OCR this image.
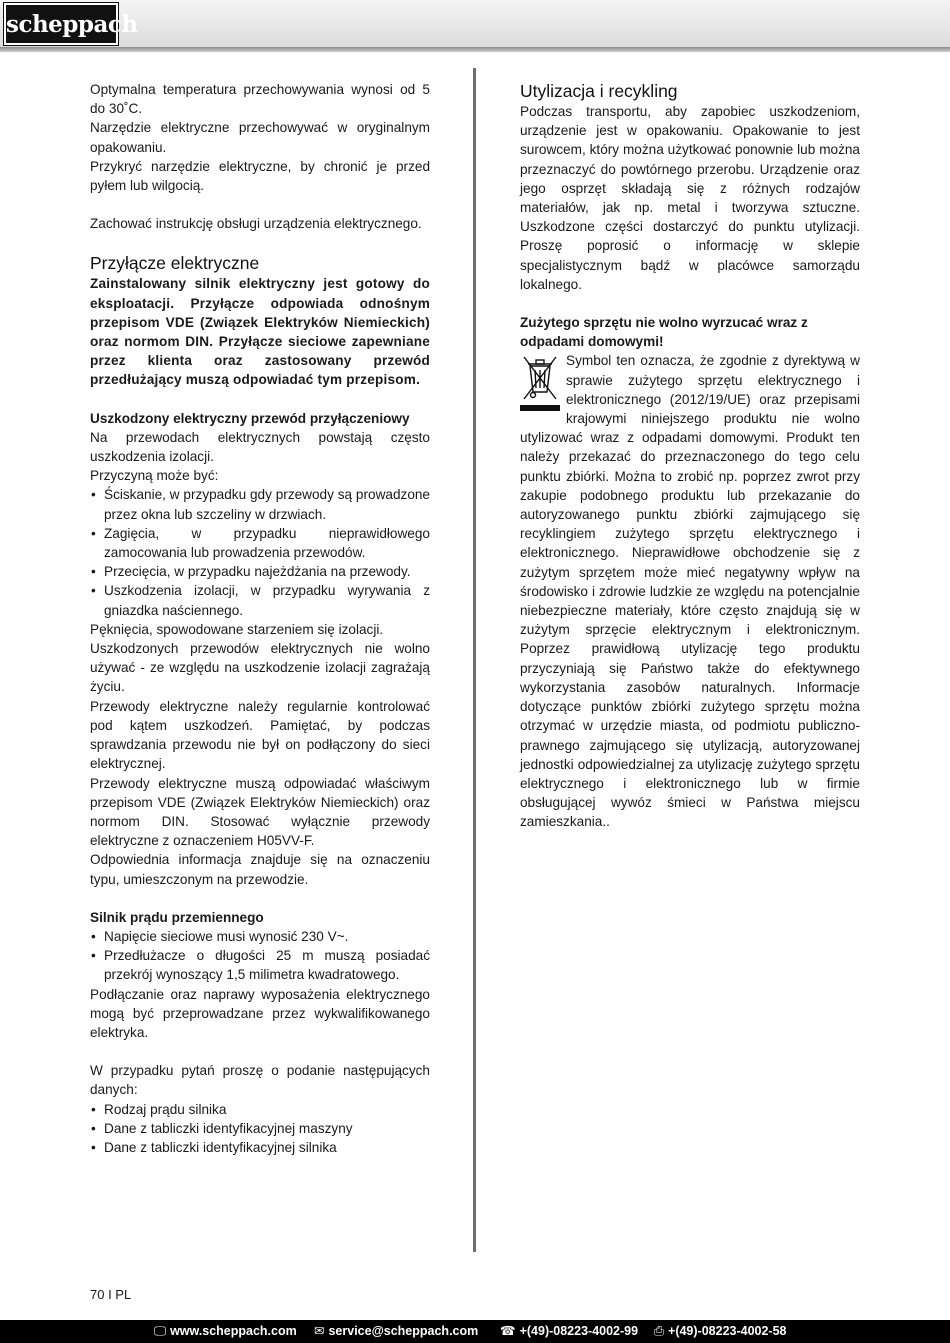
scheppach

Optymalna temperatura przechowywania wynosi od 5 do 30˚C.

Narzędzie elektryczne przechowywać w oryginalnym opakowaniu.

Przykryć narzędzie elektryczne, by chronić je przed pyłem lub wilgocią.

Zachować instrukcję obsługi urządzenia elektrycznego.

Przyłącze elektryczne

Zainstalowany silnik elektryczny jest gotowy do eksploatacji. Przyłącze odpowiada odnośnym przepisom VDE (Związek Elektryków Niemieckich) oraz normom DIN. Przyłącze sieciowe zapewniane przez klienta oraz zastosowany przewód przedłużający muszą odpowiadać tym przepisom.

Uszkodzony elektryczny przewód przyłączeniowy

Na przewodach elektrycznych powstają często uszkodzenia izolacji.

Przyczyną może być:

• Ściskanie, w przypadku gdy przewody są prowadzone przez okna lub szczeliny w drzwiach.
• Zagięcia, w przypadku nieprawidłowego zamocowania lub prowadzenia przewodów.
• Przecięcia, w przypadku najeżdżania na przewody.
• Uszkodzenia izolacji, w przypadku wyrywania z gniazdka naściennego.

Pęknięcia, spowodowane starzeniem się izolacji.

Uszkodzonych przewodów elektrycznych nie wolno używać - ze względu na uszkodzenie izolacji zagrażają życiu.

Przewody elektryczne należy regularnie kontrolować pod kątem uszkodzeń. Pamiętać, by podczas sprawdzania przewodu nie był on podłączony do sieci elektrycznej.

Przewody elektryczne muszą odpowiadać właściwym przepisom VDE (Związek Elektryków Niemieckich) oraz normom DIN. Stosować wyłącznie przewody elektryczne z oznaczeniem H05VV-F.

Odpowiednia informacja znajduje się na oznaczeniu typu, umieszczonym na przewodzie.

Silnik prądu przemiennego
• Napięcie sieciowe musi wynosić 230 V~.
• Przedłużacze o długości 25 m muszą posiadać przekrój wynoszący 1,5 milimetra kwadratowego.

Podłączanie oraz naprawy wyposażenia elektrycznego mogą być przeprowadzane przez wykwalifikowanego elektryka.

W przypadku pytań proszę o podanie następujących danych:

• Rodzaj prądu silnika
• Dane z tabliczki identyfikacyjnej maszyny
• Dane z tabliczki identyfikacyjnej silnika
Utylizacja i recykling

Podczas transportu, aby zapobiec uszkodzeniom, urządzenie jest w opakowaniu. Opakowanie to jest surowcem, który można użytkować ponownie lub można przeznaczyć do powtórnego przerobu. Urządzenie oraz jego osprzęt składają się z różnych rodzajów materiałów, jak np. metal i tworzywa sztuczne. Uszkodzone części dostarczyć do punktu utylizacji. Proszę poprosić o informację w sklepie specjalistycznym bądź w placówce samorządu lokalnego.

Zużytego sprzętu nie wolno wyrzucać wraz z odpadami domowymi!

Symbol ten oznacza, że zgodnie z dyrektywą w sprawie zużytego sprzętu elektrycznego i elektronicznego (2012/19/UE) oraz przepisami krajowymi niniejszego produktu nie wolno utylizować wraz z odpadami domowymi. Produkt ten należy przekazać do przeznaczonego do tego celu punktu zbiórki. Można to zrobić np. poprzez zwrot przy zakupie podobnego produktu lub przekazanie do autoryzowanego punktu zbiórki zajmującego się recyklingiem zużytego sprzętu elektrycznego i elektronicznego. Nieprawidłowe obchodzenie się z zużytym sprzętem może mieć negatywny wpływ na środowisko i zdrowie ludzkie ze względu na potencjalnie niebezpieczne materiały, które często znajdują się w zużytym sprzęcie elektrycznym i elektronicznym. Poprzez prawidłową utylizację tego produktu przyczyniają się Państwo także do efektywnego wykorzystania zasobów naturalnych. Informacje dotyczące punktów zbiórki zużytego sprzętu można otrzymać w urzędzie miasta, od podmiotu publiczno-prawnego zajmującego się utylizacją, autoryzowanej jednostki odpowiedzialnej za utylizację zużytego sprzętu elektrycznego i elektronicznego lub w firmie obsługującej wywóz śmieci w Państwa miejscu zamieszkania..

70 I PL
🖵 www.scheppach.com ✉ service@scheppach.com ☎ +(49)-08223-4002-99 ⎙ +(49)-08223-4002-58
